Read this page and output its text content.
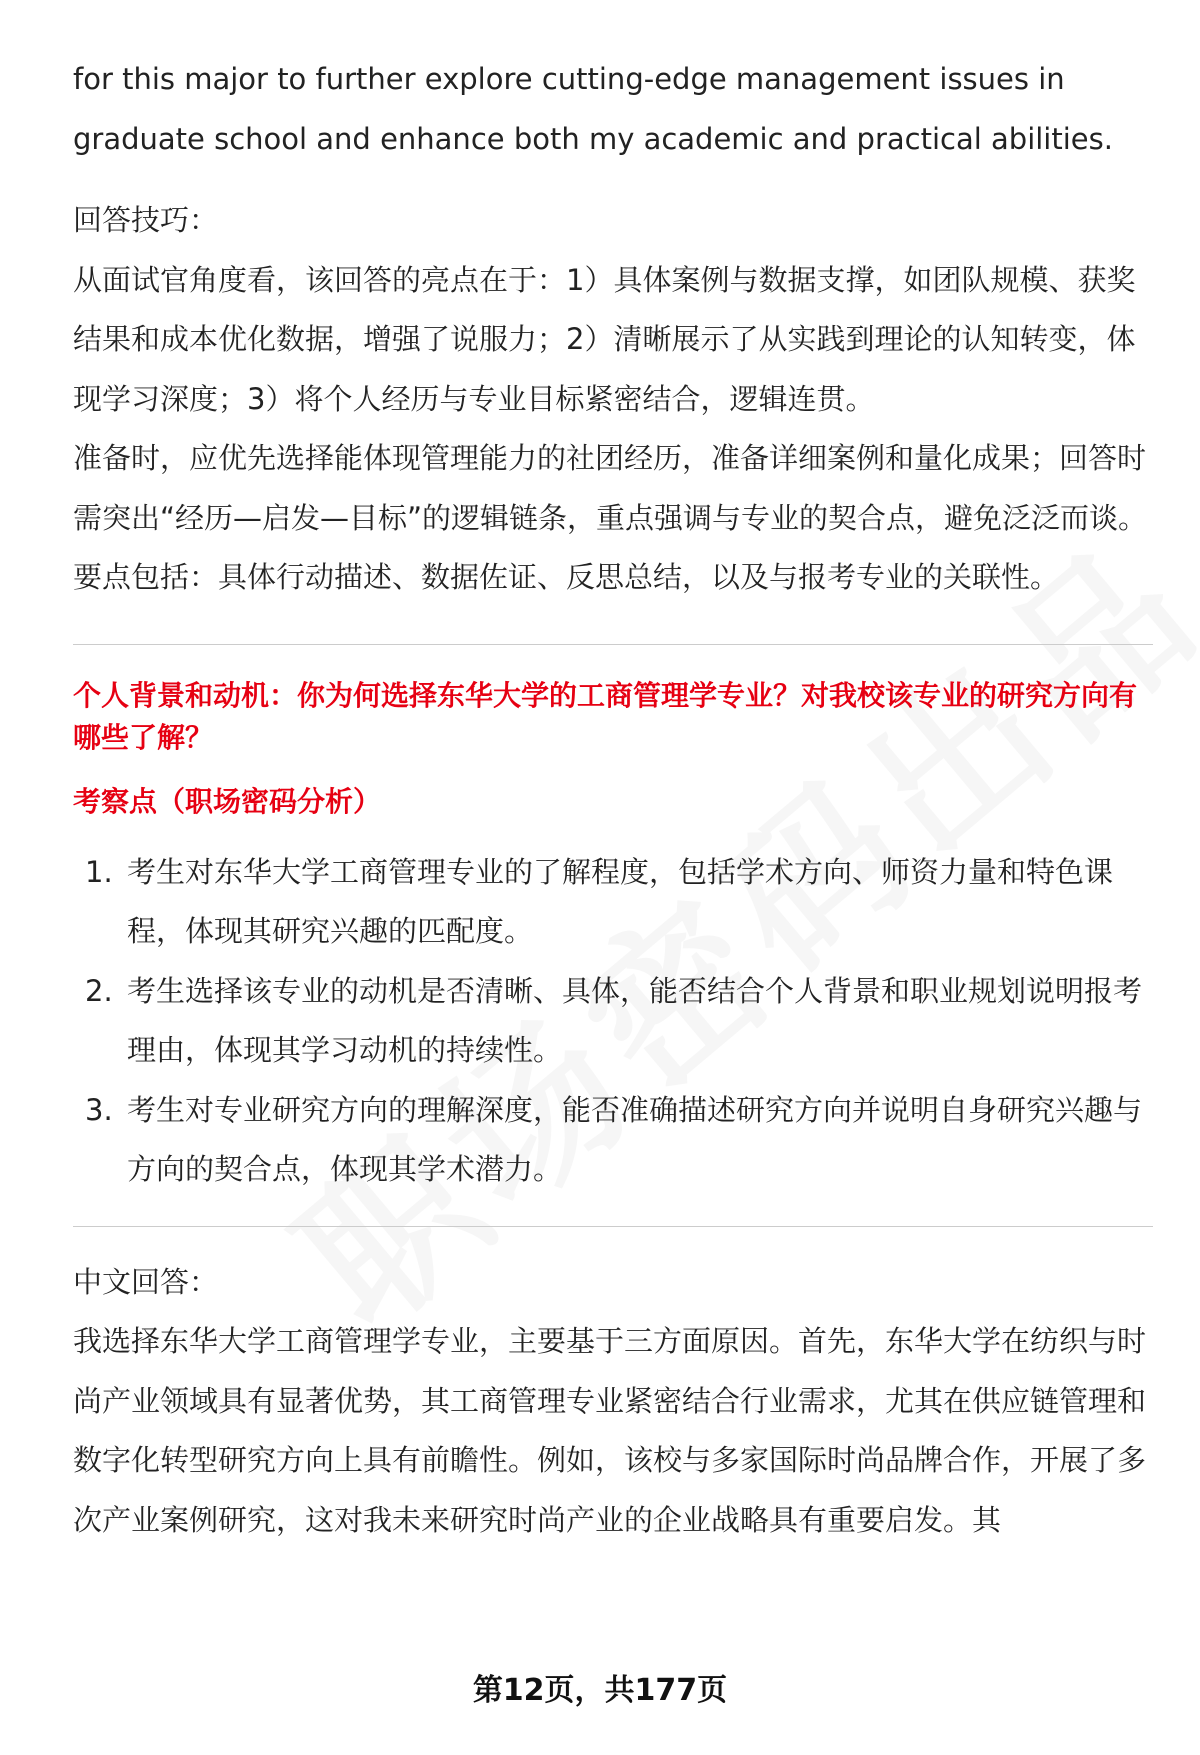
for this major to further explore cutting-edge management issues in

graduate school and enhance both my academic and practical abilities.

回答技巧：

从面试官角度看，该回答的亮点在于：1）具体案例与数据支撑，如团队规模、获奖结果和成本优化数据，增强了说服力；2）清晰展示了从实践到理论的认知转变，体现学习深度；3）将个人经历与专业目标紧密结合，逻辑连贯。

准备时，应优先选择能体现管理能力的社团经历，准备详细案例和量化成果；回答时需突出“经历—启发—目标”的逻辑链条，重点强调与专业的契合点，避免泛泛而谈。要点包括：具体行动描述、数据佐证、反思总结，以及与报考专业的关联性。

个人背景和动机：你为何选择东华大学的工商管理学专业？对我校该专业的研究方向有哪些了解？

考察点（职场密码分析）

1. 考生对东华大学工商管理专业的了解程度，包括学术方向、师资力量和特色课程，体现其研究兴趣的匹配度。
2. 考生选择该专业的动机是否清晰、具体，能否结合个人背景和职业规划说明报考理由，体现其学习动机的持续性。
3. 考生对专业研究方向的理解深度，能否准确描述研究方向并说明自身研究兴趣与方向的契合点，体现其学术潜力。

中文回答：

我选择东华大学工商管理学专业，主要基于三方面原因。首先，东华大学在纺织与时尚产业领域具有显著优势，其工商管理专业紧密结合行业需求，尤其在供应链管理和数字化转型研究方向上具有前瞻性。例如，该校与多家国际时尚品牌合作，开展了多次产业案例研究，这对我未来研究时尚产业的企业战略具有重要启发。其

第12页，共177页
